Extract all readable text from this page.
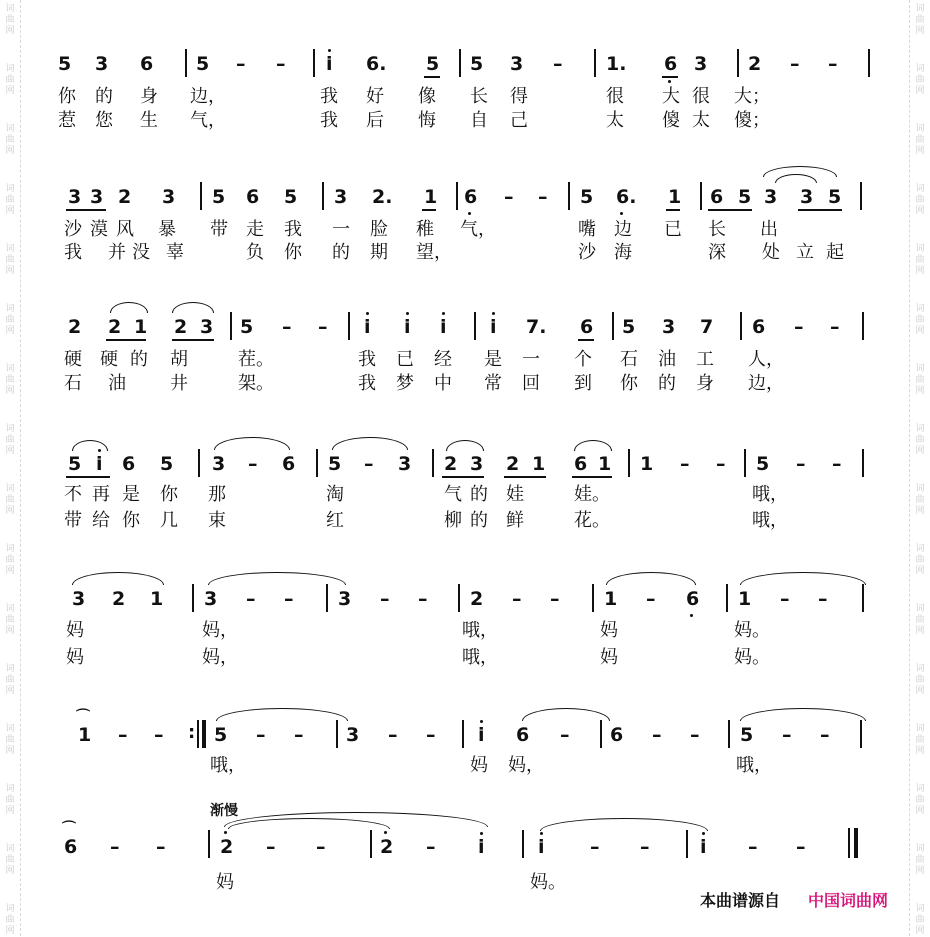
词
曲
网
词
曲
网
词
曲
网
词
曲
网
词
曲
网
词
曲
网
词
曲
网
词
曲
网
词
曲
网
词
曲
网
词
曲
网
词
曲
网
词
曲
网
词
曲
网
词
曲
网
词
曲
网
词
曲
网
词
曲
网
词
曲
网
词
曲
网
词
曲
网
词
曲
网
词
曲
网
词
曲
网
词
曲
网
词
曲
网
词
曲
网
词
曲
网
词
曲
网
词
曲
网
词
曲
网
词
曲
网
5 3 6 5 – – i 6. 5 5 3 – 1. 6 3 2 – –
你 的 身 边，	我 好 像 长 得	很 大 很 大；
惹 您 生 气，	我 后 悔 自 己	太 傻 太 傻；
3 3 2 3 5 6 5 3 2. 1 6 – – 5 6. 1 6 5 3 3 5
沙 漠 风 暴 带 走 我 一 脸 稚 气，	嘴 边 已 长 出
我 并 没 辜	负 你 的 期 望，	沙 海	深 处 立 起
2 2 1 2 3 5 – – i i i i 7. 6 5 3 7 6 – –
硬 硬 的 胡	茬。	我 已 经 是 一 个 石 油 工 人，
石 油 井	架。	我 梦 中 常 回 到 你 的 身 边，
5 i 6 5 3 – 6 5 – 3 2 3 2 1 6 1 1 – – 5 – –
不 再 是 你 那	淘	气 的 娃	娃。	哦，
带 给 你 几 束	红	柳 的 鲜	花。	哦，
3 2 1 3 – – 3 – – 2 – – 1 – 6 1 – –
妈	妈，	哦，	妈	妈。
妈	妈，	哦，	妈	妈。
⌒
1 – – : 5 – – 3 – – i 6 – 6 – – 5 – –
哦，	妈 妈，	哦，
渐慢
⌒
6 – –	2 – –	2 – i	i – –	i – –
妈	妈。
本曲谱源自 中国词曲网
